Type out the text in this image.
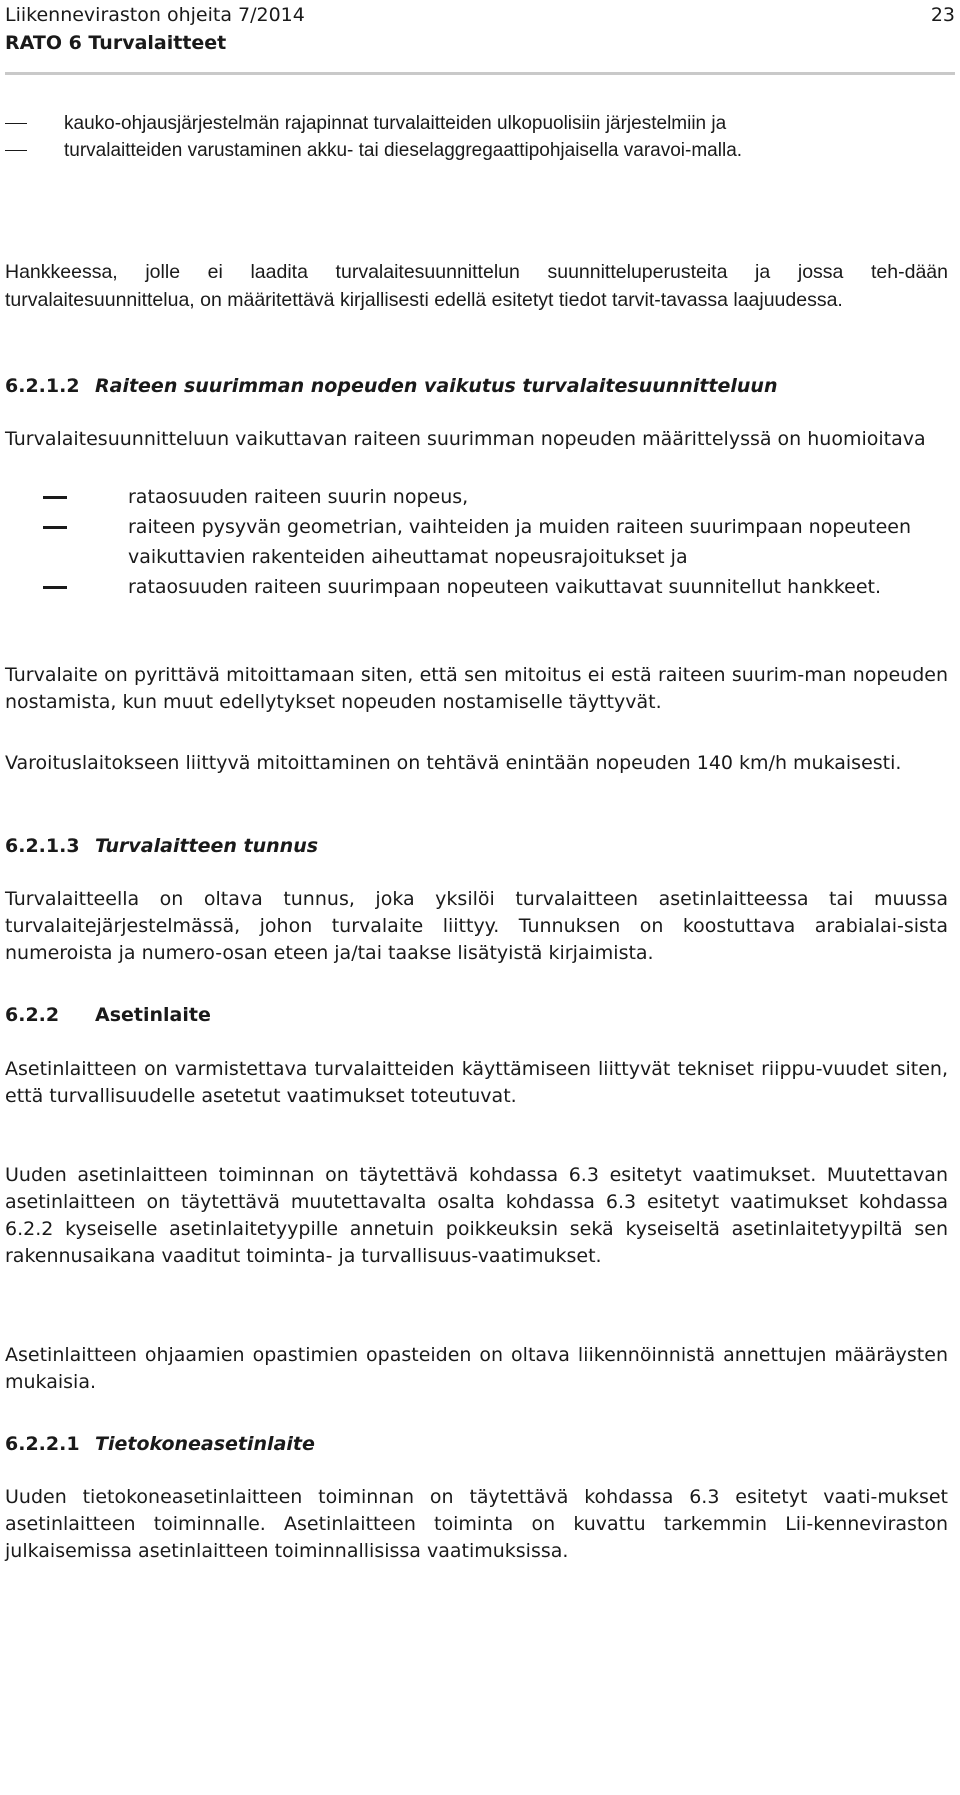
Liikenneviraston ohjeita 7/2014
RATO 6 Turvalaitteet
23
kauko-ohjausjärjestelmän rajapinnat turvalaitteiden ulkopuolisiin järjestelmiin ja
turvalaitteiden varustaminen akku- tai dieselaggregaattipohjaisella varavoi-malla.
Hankkeessa, jolle ei laadita turvalaitesuunnittelun suunnitteluperusteita ja jossa teh-dään turvalaitesuunnittelua, on määritettävä kirjallisesti edellä esitetyt tiedot tarvit-tavassa laajuudessa.
6.2.1.2 Raiteen suurimman nopeuden vaikutus turvalaitesuunnitteluun
Turvalaitesuunnitteluun vaikuttavan raiteen suurimman nopeuden määrittelyssä on huomioitava
rataosuuden raiteen suurin nopeus,
raiteen pysyvän geometrian, vaihteiden ja muiden raiteen suurimpaan nopeuteen vaikuttavien rakenteiden aiheuttamat nopeusrajoitukset ja
rataosuuden raiteen suurimpaan nopeuteen vaikuttavat suunnitellut hankkeet.
Turvalaite on pyrittävä mitoittamaan siten, että sen mitoitus ei estä raiteen suurim-man nopeuden nostamista, kun muut edellytykset nopeuden nostamiselle täyttyvät.
Varoituslaitokseen liittyvä mitoittaminen on tehtävä enintään nopeuden 140 km/h mukaisesti.
6.2.1.3 Turvalaitteen tunnus
Turvalaitteella on oltava tunnus, joka yksilöi turvalaitteen asetinlaitteessa tai muussa turvalaitejärjestelmässä, johon turvalaite liittyy. Tunnuksen on koostuttava arabialai-sista numeroista ja numero-osan eteen ja/tai taakse lisätyistä kirjaimista.
6.2.2 Asetinlaite
Asetinlaitteen on varmistettava turvalaitteiden käyttämiseen liittyvät tekniset riippu-vuudet siten, että turvallisuudelle asetetut vaatimukset toteutuvat.
Uuden asetinlaitteen toiminnan on täytettävä kohdassa 6.3 esitetyt vaatimukset. Muutettavan asetinlaitteen on täytettävä muutettavalta osalta kohdassa 6.3 esitetyt vaatimukset kohdassa 6.2.2 kyseiselle asetinlaitetyypille annetuin poikkeuksin sekä kyseiseltä asetinlaitetyypiltä sen rakennusaikana vaaditut toiminta- ja turvallisuus-vaatimukset.
Asetinlaitteen ohjaamien opastimien opasteiden on oltava liikennöinnistä annettujen määräysten mukaisia.
6.2.2.1 Tietokoneasetinlaite
Uuden tietokoneasetinlaitteen toiminnan on täytettävä kohdassa 6.3 esitetyt vaati-mukset asetinlaitteen toiminnalle. Asetinlaitteen toiminta on kuvattu tarkemmin Lii-kenneviraston julkaisemissa asetinlaitteen toiminnallisissa vaatimuksissa.
